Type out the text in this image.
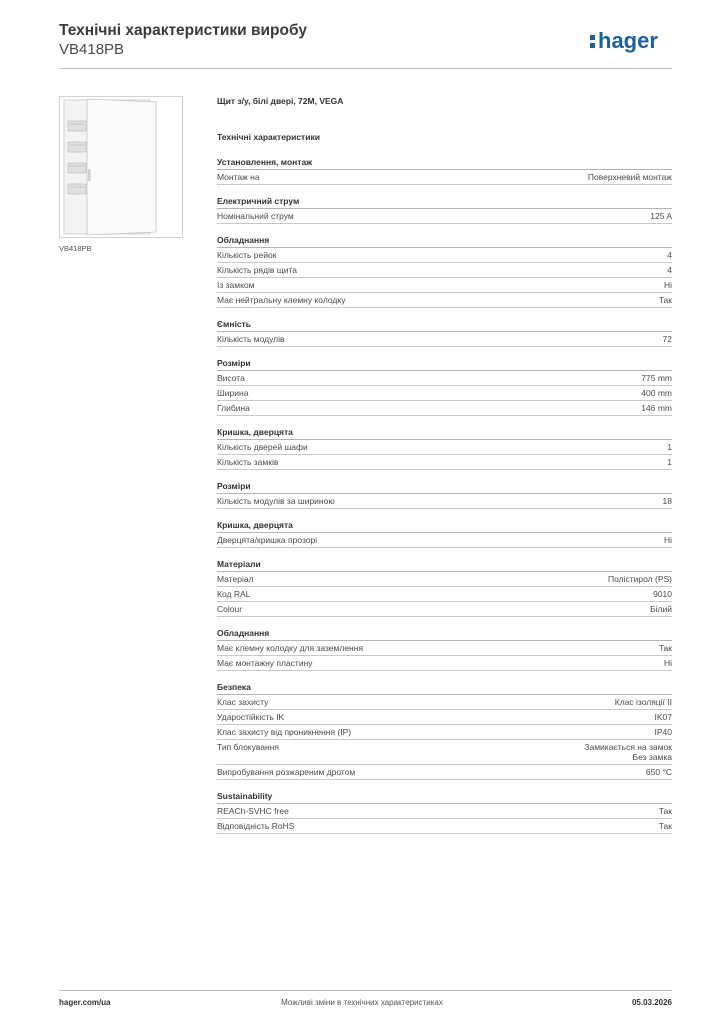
Технічні характеристики виробу
VB418PB	hager
VB418PB
Щит з/у, білі двері, 72M, VEGA
Технічні характеристики
Установлення, монтаж
Монтаж на	Поверхневий монтаж
Електричний струм
Номінальний струм	125 A
Обладнання
Кількість рейок	4
Кількість рядів щита	4
Із замком	Ні
Має нейтральну клемну колодку	Так
Ємність
Кількість модулів	72
Розміри
Висота	775 mm
Ширина	400 mm
Глибина	146 mm
Кришка, дверцята
Кількість дверей шафи	1
Кількість замків	1
Розміри
Кількість модулів за шириною	18
Кришка, дверцята
Дверцята/кришка прозорі	Ні
Матеріали
Матеріал	Полістирол (PS)
Код RAL	9010
Colour	Білий
Обладнання
Має клемну колодку для заземлення	Так
Має монтажну пластину	Ні
Безпека
Клас захисту	Клас ізоляції II
Ударостійкість IK	IK07
Клас захисту від проникнення (IP)	IP40
Тип блокування	Замикається на замок
Без замка
Випробування розжареним дротом	650 °C
Sustainability
REACh-SVHC free	Так
Відповідність RoHS	Так
hager.com/ua	Можливі зміни в технічних характеристиках	05.03.2026
